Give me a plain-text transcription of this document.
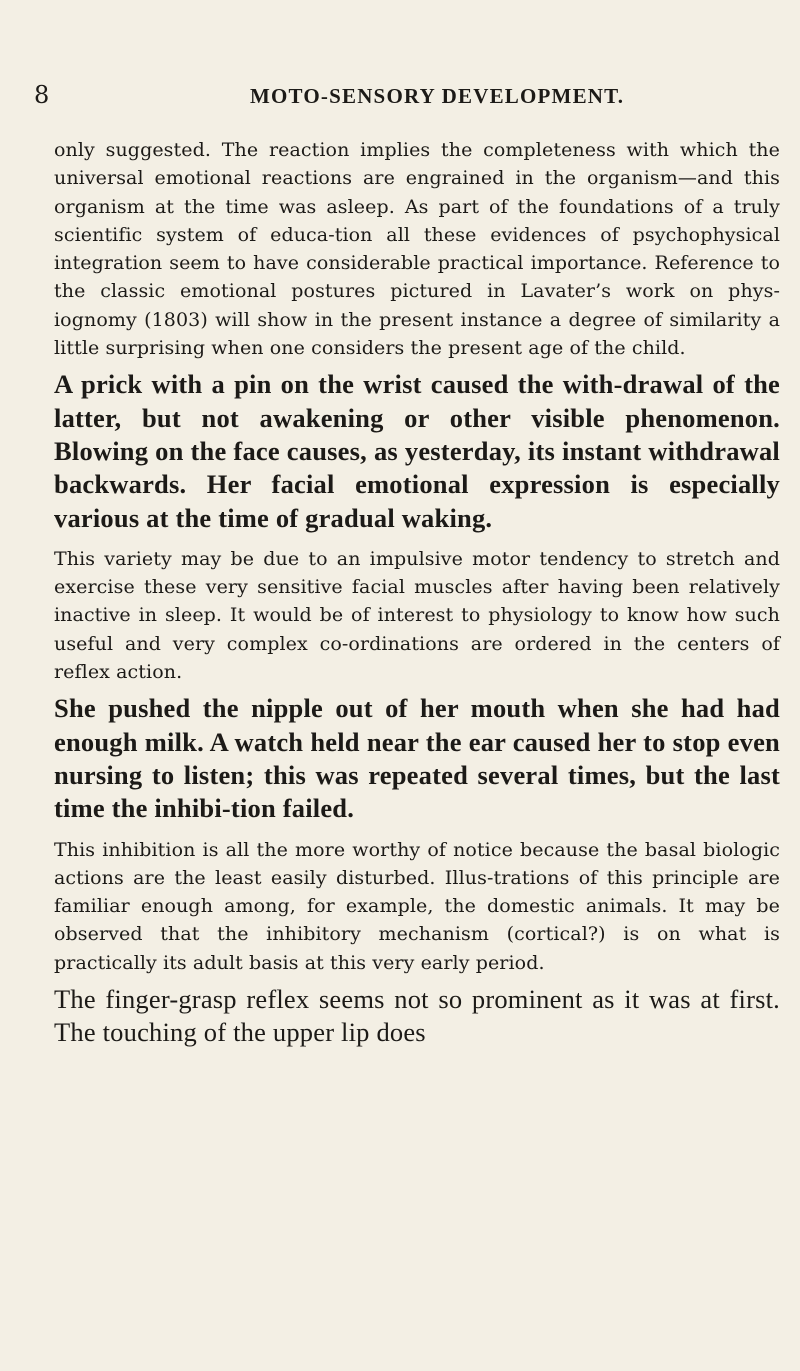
8	MOTO-SENSORY DEVELOPMENT.

only suggested. The reaction implies the completeness with which the universal emotional reactions are engrained in the organism—and this organism at the time was asleep. As part of the foundations of a truly scientific system of educa-tion all these evidences of psychophysical integration seem to have considerable practical importance. Reference to the classic emotional postures pictured in Lavater’s work on phys-iognomy (1803) will show in the present instance a degree of similarity a little surprising when one considers the present age of the child.

A prick with a pin on the wrist caused the with-drawal of the latter, but not awakening or other visible phenomenon. Blowing on the face causes, as yesterday, its instant withdrawal backwards. Her facial emotional expression is especially various at the time of gradual waking.

This variety may be due to an impulsive motor tendency to stretch and exercise these very sensitive facial muscles after having been relatively inactive in sleep. It would be of interest to physiology to know how such useful and very complex co-ordinations are ordered in the centers of reflex action.

She pushed the nipple out of her mouth when she had had enough milk. A watch held near the ear caused her to stop even nursing to listen; this was repeated several times, but the last time the inhibi-tion failed.

This inhibition is all the more worthy of notice because the basal biologic actions are the least easily disturbed. Illus-trations of this principle are familiar enough among, for example, the domestic animals. It may be observed that the inhibitory mechanism (cortical?) is on what is practically its adult basis at this very early period.

The finger-grasp reflex seems not so prominent as it was at first. The touching of the upper lip does
